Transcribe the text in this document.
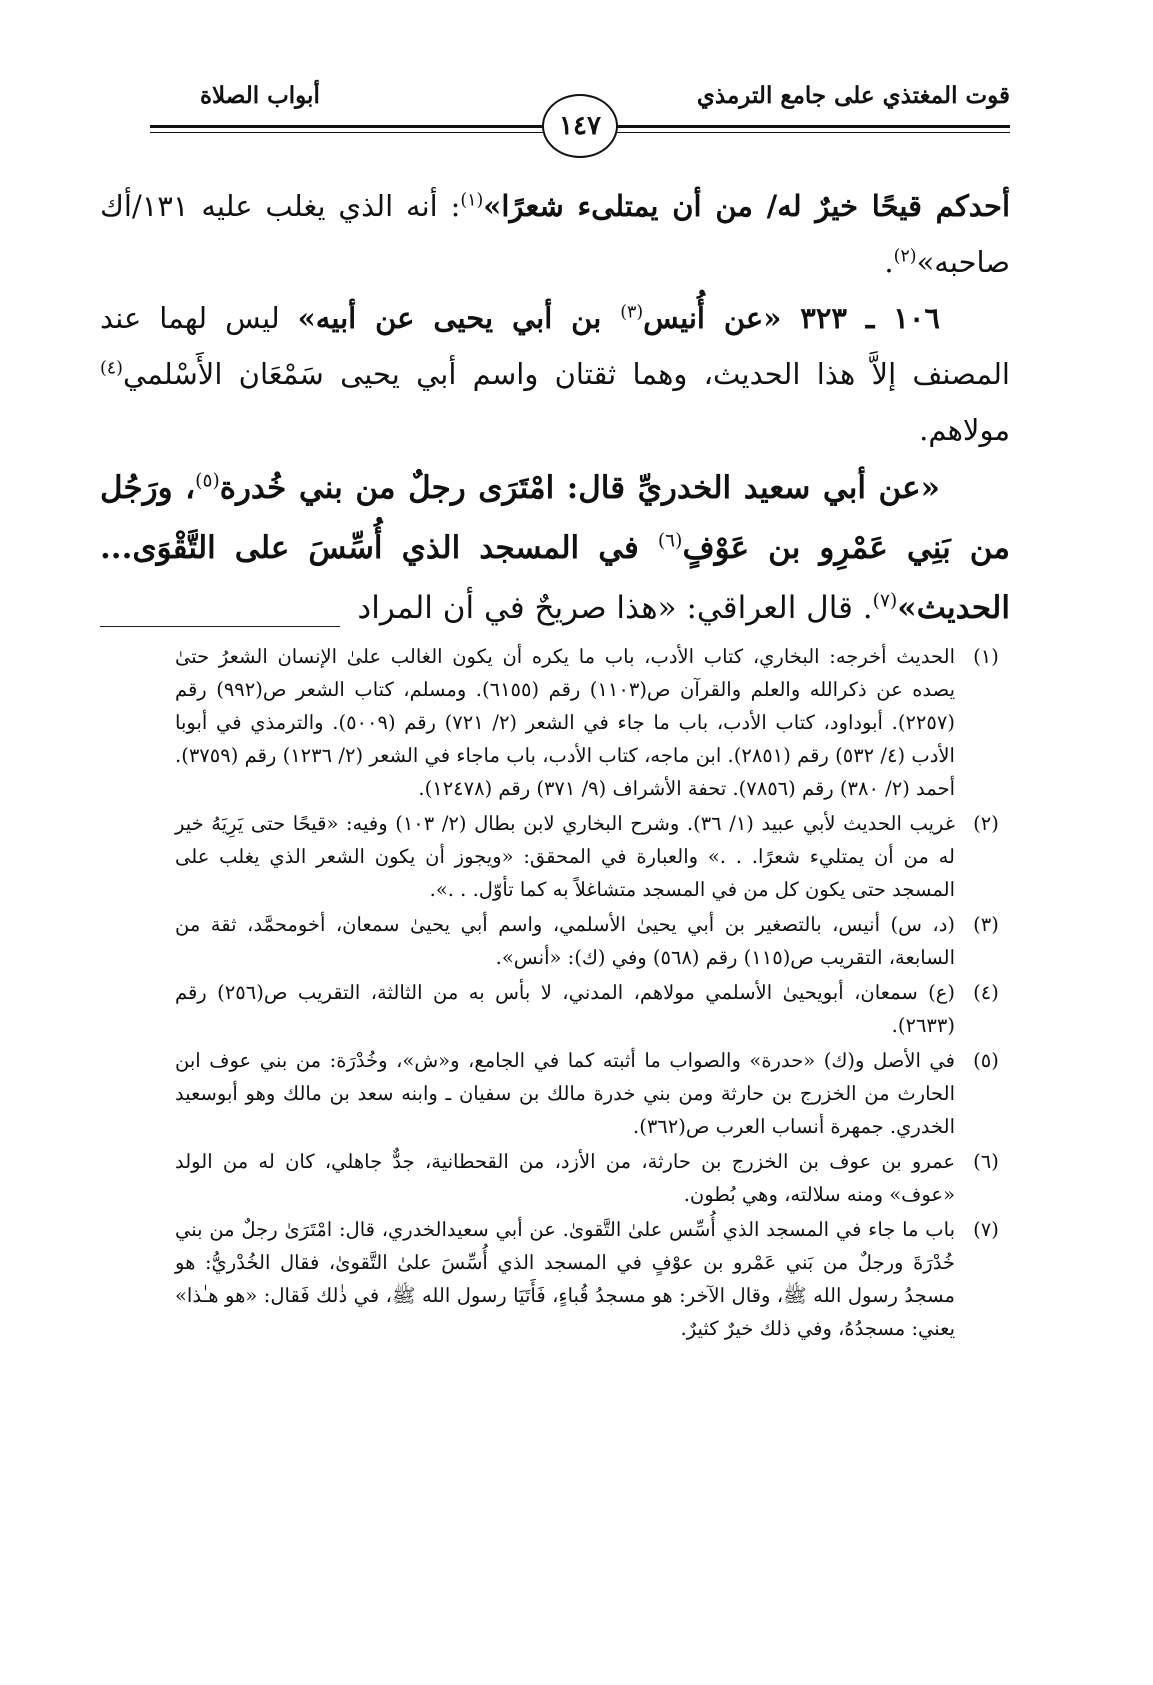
قوت المغتذي على جامع الترمذي
أبواب الصلاة
١٤٧

أحدكم قيحًا خيرٌ له/ من أن يمتلىء شعرًا»$^{(١)}$: أنه الذي يغلب عليه ١٣١/أك صاحبه»$^{(٢)}$.

١٠٦ ـ ٣٢٣ «عن أُنيس$^{(٣)}$ بن أبي يحيى عن أبيه» ليس لهما عند المصنف إلاَّ هذا الحديث، وهما ثقتان واسم أبي يحيى سَمْعَان الأَسْلمي$^{(٤)}$ مولاهم.

«عن أبي سعيد الخدريِّ قال: امْتَرَى رجلٌ من بني خُدرة$^{(٥)}$، ورَجُل من بَنِي عَمْرِو بن عَوْفٍ$^{(٦)}$ في المسجد الذي أُسِّسَ على التَّقْوَى... الحديث»$^{(٧)}$. قال العراقي: «هذا صريحٌ في أن المراد

(١)
الحديث أخرجه: البخاري، كتاب الأدب، باب ما يكره أن يكون الغالب علىٰ الإنسان الشعرُ حتىٰ يصده عن ذكرالله والعلم والقرآن ص(١١٠٣) رقم (٦١٥٥). ومسلم، كتاب الشعر ص(٩٩٢) رقم (٢٢٥٧). أبوداود، كتاب الأدب، باب ما جاء في الشعر (٢/ ٧٢١) رقم (٥٠٠٩). والترمذي في أبوبا الأدب (٤/ ٥٣٢) رقم (٢٨٥١). ابن ماجه، كتاب الأدب، باب ماجاء في الشعر (٢/ ١٢٣٦) رقم (٣٧٥٩). أحمد (٢/ ٣٨٠) رقم (٧٨٥٦). تحفة الأشراف (٩/ ٣٧١) رقم (١٢٤٧٨).
(٢)
غريب الحديث لأبي عبيد (١/ ٣٦). وشرح البخاري لابن بطال (٢/ ١٠٣) وفيه: «قيحًا حتى يَرِيَهُ خير له من أن يمتليء شعرًا. . .» والعبارة في المحقق: «ويجوز أن يكون الشعر الذي يغلب على المسجد حتى يكون كل من في المسجد متشاغلاً به كما تأوّل. . .».
(٣)
(د، س) أنيس، بالتصغير بن أبي يحيىٰ الأسلمي، واسم أبي يحيىٰ سمعان، أخومحمَّد، ثقة من السابعة، التقريب ص(١١٥) رقم (٥٦٨) وفي (ك): «أنس».
(٤)
(ع) سمعان، أبويحيىٰ الأسلمي مولاهم، المدني، لا بأس به من الثالثة، التقريب ص(٢٥٦) رقم (٢٦٣٣).
(٥)
في الأصل و(ك) «حدرة» والصواب ما أثبته كما في الجامع، و«ش»، وخُدْرَة: من بني عوف ابن الحارث من الخزرج بن حارثة ومن بني خدرة مالك بن سفيان ـ وابنه سعد بن مالك وهو أبوسعيد الخدري. جمهرة أنساب العرب ص(٣٦٢).
(٦)
عمرو بن عوف بن الخزرج بن حارثة، من الأزد، من القحطانية، جدٌّ جاهلي، كان له من الولد «عوف» ومنه سلالته، وهي بُطون.
(٧)
باب ما جاء في المسجد الذي أُسِّس علىٰ التَّقوىٰ. عن أبي سعيدالخدري، قال: امْتَرَىٰ رجلٌ من بني خُدْرَةَ ورجلٌ من بَني عَمْرو بن عوْفٍ في المسجد الذي أُسِّسَ علىٰ التَّقوىٰ، فقال الخُدْريُّ: هو مسجدُ رسول الله ﷺ، وقال الآخر: هو مسجدُ قُباءٍ، فَأَتَيَا رسول الله ﷺ، في ذٰلك فَقال: «هو هـٰذا» يعني: مسجدُهُ، وفي ذلك خيرٌ كثيرٌ.
